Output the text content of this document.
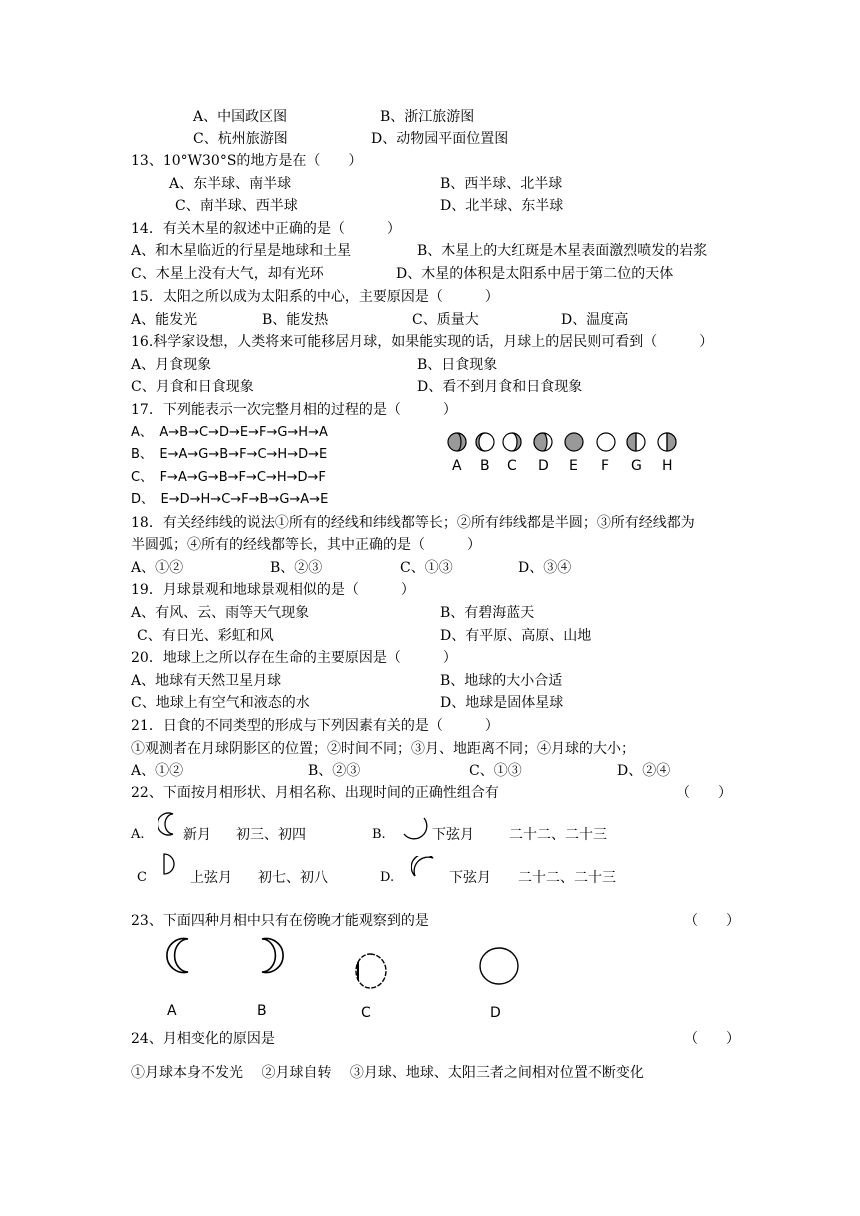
A、中国政区图	B、浙江旅游图
C、杭州旅游图	D、动物园平面位置图
13、10°W30°S的地方是在（　　）
A、东半球、南半球	B、西半球、北半球
C、南半球、西半球	D、北半球、东半球
14．有关木星的叙述中正确的是（　　　）
A、和木星临近的行星是地球和土星	B、木星上的大红斑是木星表面激烈喷发的岩浆
C、木星上没有大气，却有光环	D、木星的体积是太阳系中居于第二位的天体
15．太阳之所以成为太阳系的中心，主要原因是（　　　）
A、能发光	B、能发热	C、质量大	D、温度高
16.科学家设想，人类将来可能移居月球，如果能实现的话，月球上的居民则可看到（　　　）
A、月食现象	B、日食现象
C、月食和日食现象	D、看不到月食和日食现象
17．下列能表示一次完整月相的过程的是（　　　）
A、　A→B→C→D→E→F→G→H→A
B、　E→A→G→B→F→C→H→D→E
C、　F→A→G→B→F→C→H→D→F
D、　E→D→H→C→F→B→G→A→E
A B C D E F G H
18．有关经纬线的说法①所有的经线和纬线都等长；②所有纬线都是半圆；③所有经线都为
半圆弧；④所有的经线都等长，其中正确的是（　　　）
A、①②	B、②③	C、①③	D、③④
19．月球景观和地球景观相似的是（　　　）
A、有风、云、雨等天气现象	B、有碧海蓝天
C、有日光、彩虹和风	D、有平原、高原、山地
20．地球上之所以存在生命的主要原因是（　　　）
A、地球有天然卫星月球	B、地球的大小合适
C、地球上有空气和液态的水	D、地球是固体星球
21．日食的不同类型的形成与下列因素有关的是（　　　）
①观测者在月球阴影区的位置；②时间不同；③月、地距离不同；④月球的大小；
A、①②	B、②③	C、①③	D、②④
22、下面按月相形状、月相名称、出现时间的正确性组合有	（　　）
A.	新月 初三、初四	B.	下弦月	二十二、二十三
C	上弦月 初七、初八	D.	下弦月 二十二、二十三
23、下面四种月相中只有在傍晚才能观察到的是	（　　）
A	B	C	D
24、月相变化的原因是	（　　）
①月球本身不发光　 ②月球自转　 ③月球、地球、太阳三者之间相对位置不断变化
